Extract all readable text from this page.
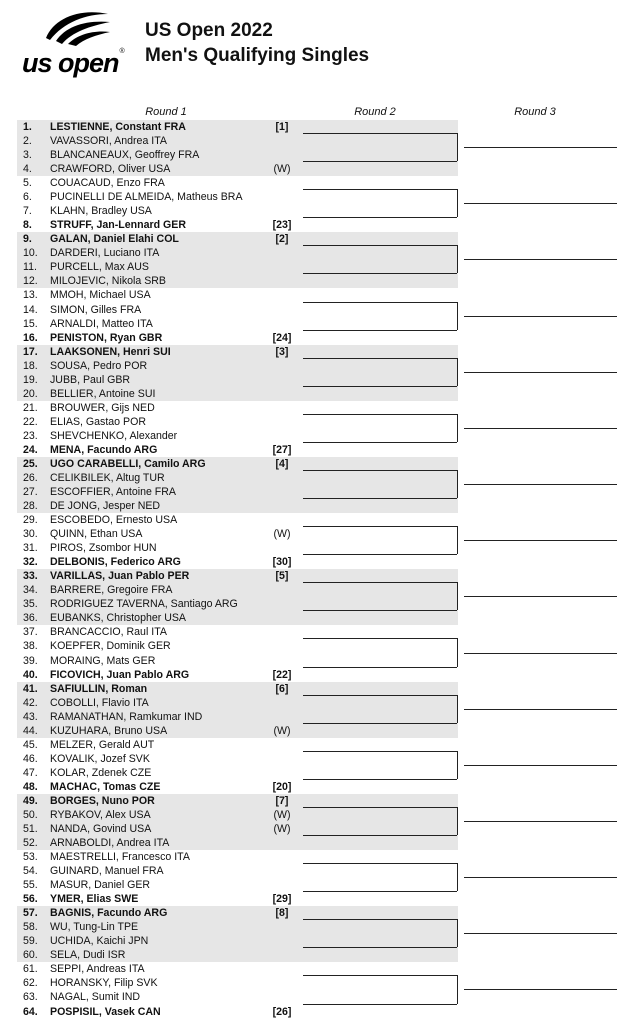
us open®
US Open 2022
Men's Qualifying Singles
Round 1	Round 2	Round 3
1.	LESTIENNE, Constant FRA	[1]
2.	VAVASSORI, Andrea ITA
3.	BLANCANEAUX, Geoffrey FRA
4.	CRAWFORD, Oliver USA	(W)
5.	COUACAUD, Enzo FRA
6.	PUCINELLI DE ALMEIDA, Matheus BRA
7.	KLAHN, Bradley USA
8.	STRUFF, Jan-Lennard GER	[23]
9.	GALAN, Daniel Elahi COL	[2]
10.	DARDERI, Luciano ITA
11.	PURCELL, Max AUS
12.	MILOJEVIC, Nikola SRB
13.	MMOH, Michael USA
14.	SIMON, Gilles FRA
15.	ARNALDI, Matteo ITA
16.	PENISTON, Ryan GBR	[24]
17.	LAAKSONEN, Henri SUI	[3]
18.	SOUSA, Pedro POR
19.	JUBB, Paul GBR
20.	BELLIER, Antoine SUI
21.	BROUWER, Gijs NED
22.	ELIAS, Gastao POR
23.	SHEVCHENKO, Alexander
24.	MENA, Facundo ARG	[27]
25.	UGO CARABELLI, Camilo ARG	[4]
26.	CELIKBILEK, Altug TUR
27.	ESCOFFIER, Antoine FRA
28.	DE JONG, Jesper NED
29.	ESCOBEDO, Ernesto USA
30.	QUINN, Ethan USA	(W)
31.	PIROS, Zsombor HUN
32.	DELBONIS, Federico ARG	[30]
33.	VARILLAS, Juan Pablo PER	[5]
34.	BARRERE, Gregoire FRA
35.	RODRIGUEZ TAVERNA, Santiago ARG
36.	EUBANKS, Christopher USA
37.	BRANCACCIO, Raul ITA
38.	KOEPFER, Dominik GER
39.	MORAING, Mats GER
40.	FICOVICH, Juan Pablo ARG	[22]
41.	SAFIULLIN, Roman	[6]
42.	COBOLLI, Flavio ITA
43.	RAMANATHAN, Ramkumar IND
44.	KUZUHARA, Bruno USA	(W)
45.	MELZER, Gerald AUT
46.	KOVALIK, Jozef SVK
47.	KOLAR, Zdenek CZE
48.	MACHAC, Tomas CZE	[20]
49.	BORGES, Nuno POR	[7]
50.	RYBAKOV, Alex USA	(W)
51.	NANDA, Govind USA	(W)
52.	ARNABOLDI, Andrea ITA
53.	MAESTRELLI, Francesco ITA
54.	GUINARD, Manuel FRA
55.	MASUR, Daniel GER
56.	YMER, Elias SWE	[29]
57.	BAGNIS, Facundo ARG	[8]
58.	WU, Tung-Lin TPE
59.	UCHIDA, Kaichi JPN
60.	SELA, Dudi ISR
61.	SEPPI, Andreas ITA
62.	HORANSKY, Filip SVK
63.	NAGAL, Sumit IND
64.	POSPISIL, Vasek CAN	[26]
